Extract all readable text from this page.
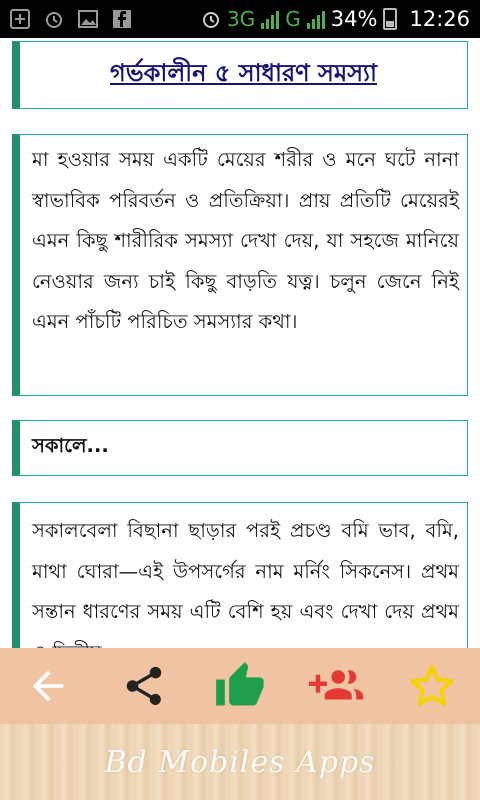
3G G 34% 12:26
গর্ভকালীন ৫ সাধারণ সমস্যা

মা হওয়ার সময় একটি মেয়ের শরীর ও মনে ঘটে নানা স্বাভাবিক পরিবর্তন ও প্রতিক্রিয়া। প্রায় প্রতিটি মেয়েরই এমন কিছু শারীরিক সমস্যা দেখা দেয়, যা সহজে মানিয়ে নেওয়ার জন্য চাই কিছু বাড়তি যত্ন। চলুন জেনে নিই এমন পাঁচটি পরিচিত সমস্যার কথা।

সকালে...

সকালবেলা বিছানা ছাড়ার পরই প্রচণ্ড বমি ভাব, বমি, মাথা ঘোরা—এই উপসর্গের নাম মর্নিং সিকনেস। প্রথম সন্তান ধারণের সময় এটি বেশি হয় এবং দেখা দেয় প্রথম

Bd Mobiles Apps
